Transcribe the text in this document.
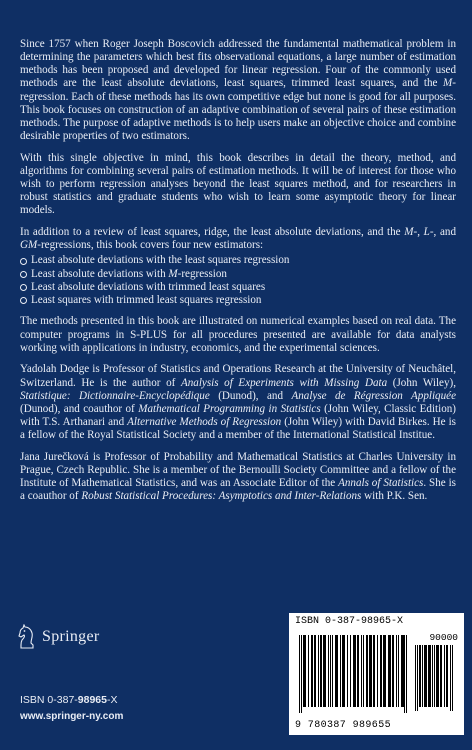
Since 1757 when Roger Joseph Boscovich addressed the fundamental mathematical problem in determining the parameters which best fits observational equations, a large number of estimation methods has been proposed and developed for linear regression. Four of the commonly used methods are the least absolute deviations, least squares, trimmed least squares, and the M-regression. Each of these methods has its own competitive edge but none is good for all purposes. This book focuses on construction of an adaptive combination of several pairs of these estimation methods. The purpose of adaptive methods is to help users make an objective choice and combine desirable properties of two estimators.

With this single objective in mind, this book describes in detail the theory, method, and algorithms for combining several pairs of estimation methods. It will be of interest for those who wish to perform regression analyses beyond the least squares method, and for researchers in robust statistics and graduate students who wish to learn some asymptotic theory for linear models.

In addition to a review of least squares, ridge, the least absolute deviations, and the M-, L-, and GM-regressions, this book covers four new estimators:

Least absolute deviations with the least squares regression
Least absolute deviations with M-regression
Least absolute deviations with trimmed least squares
Least squares with trimmed least squares regression

The methods presented in this book are illustrated on numerical examples based on real data. The computer programs in S-PLUS for all procedures presented are available for data analysts working with applications in industry, economics, and the experimental sciences.

Yadolah Dodge is Professor of Statistics and Operations Research at the University of Neuchâtel, Switzerland. He is the author of Analysis of Experiments with Missing Data (John Wiley), Statistique: Dictionnaire-Encyclopédique (Dunod), and Analyse de Régression Appliquée (Dunod), and coauthor of Mathematical Programming in Statistics (John Wiley, Classic Edition) with T.S. Arthanari and Alternative Methods of Regression (John Wiley) with David Birkes. He is a fellow of the Royal Statistical Society and a member of the International Statistical Institue.

Jana Jurečková is Professor of Probability and Mathematical Statistics at Charles University in Prague, Czech Republic. She is a member of the Bernoulli Society Committee and a fellow of the Institute of Mathematical Statistics, and was an Associate Editor of the Annals of Statistics. She is a coauthor of Robust Statistical Procedures: Asymptotics and Inter-Relations with P.K. Sen.

Springer
ISBN 0-387-98965-X
www.springer-ny.com
ISBN 0-387-98965-X
90000
9 780387 989655
